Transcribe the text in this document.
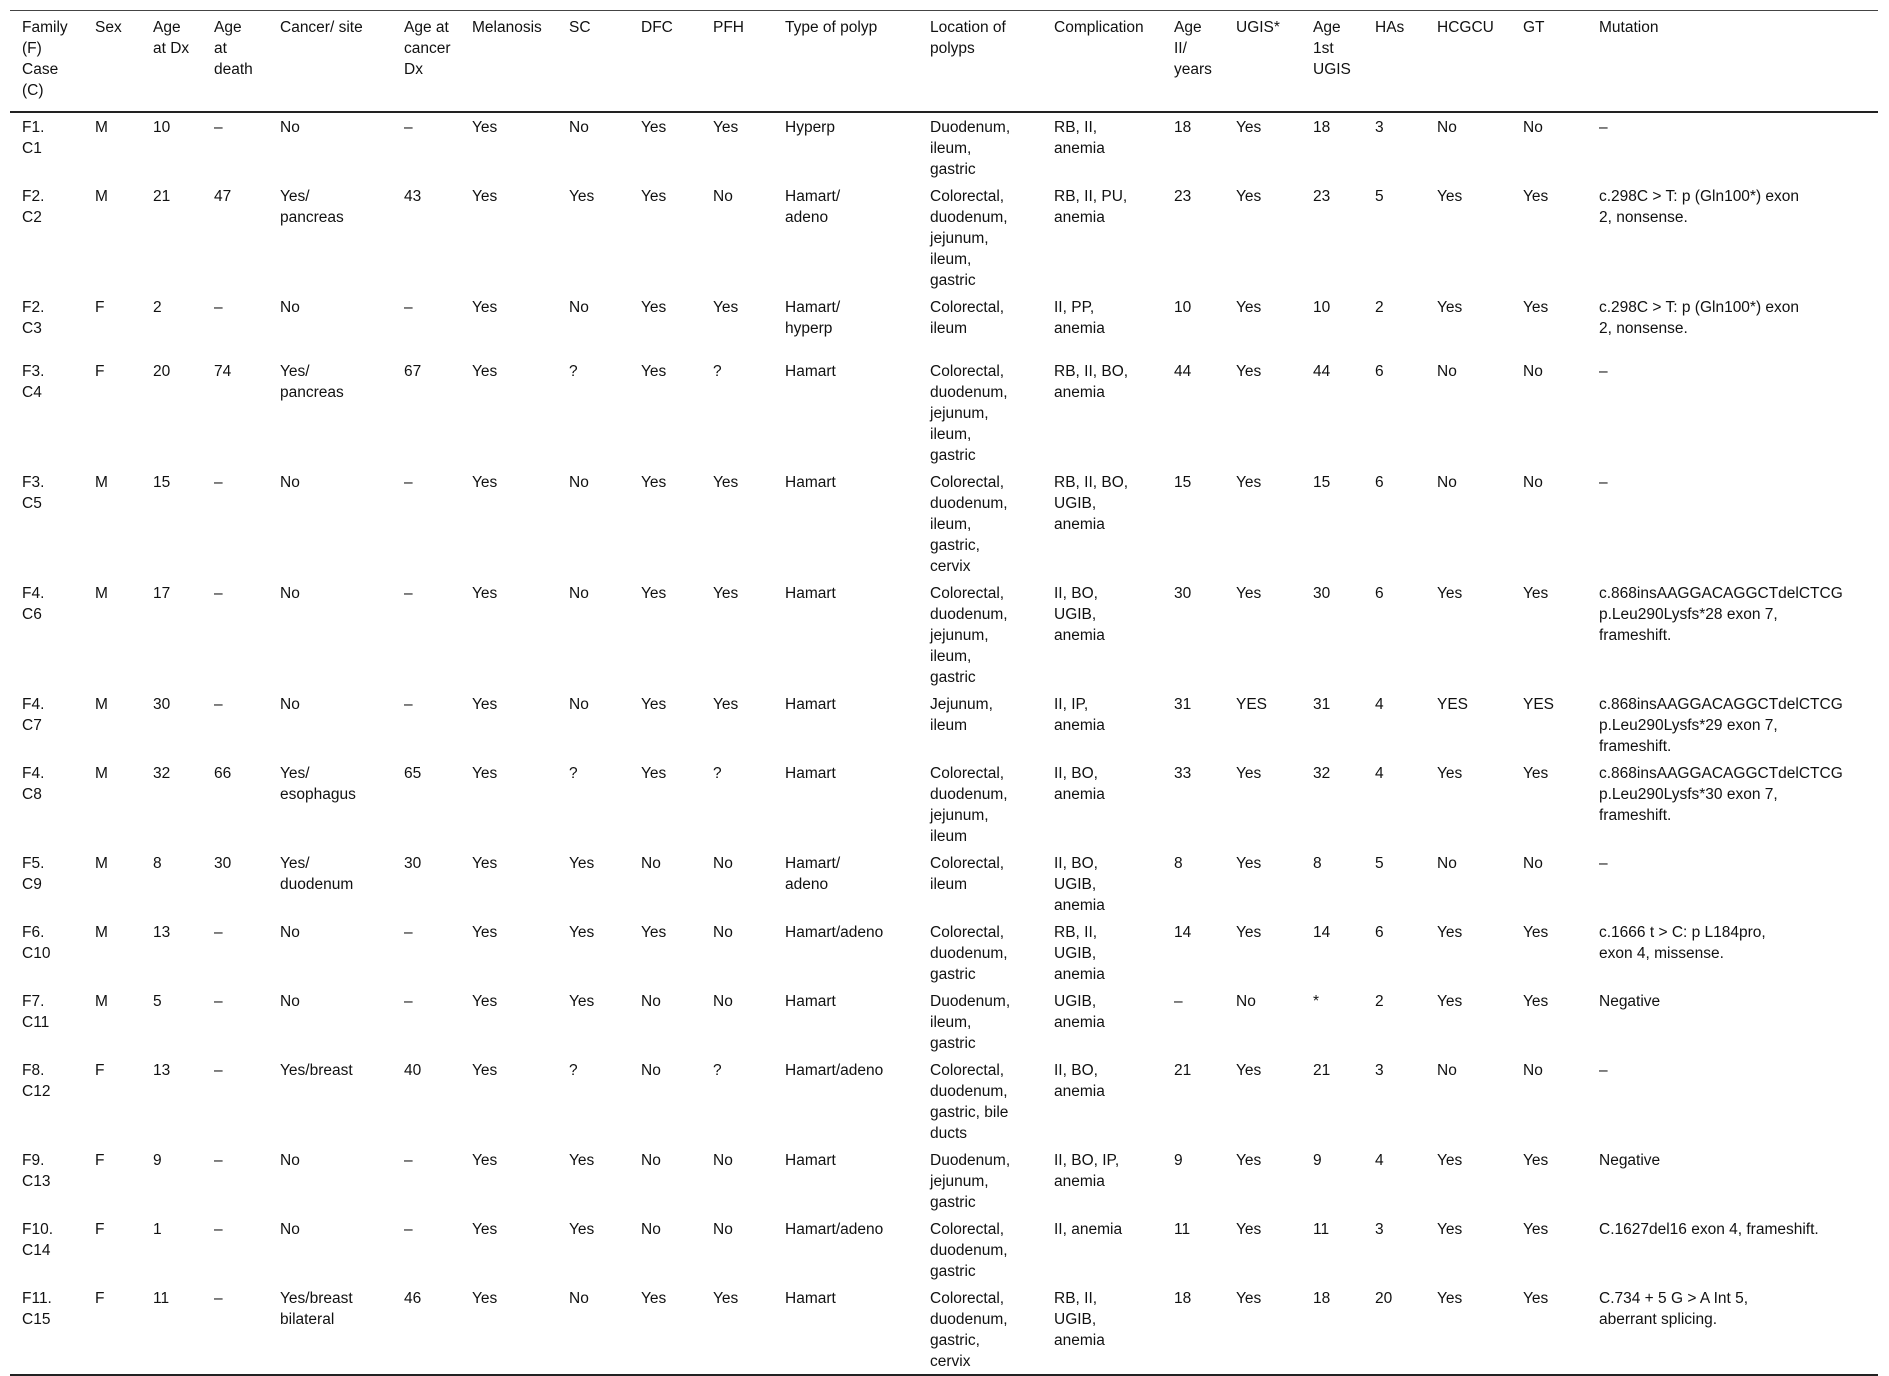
Family
(F)
Case
(C)	Sex	Age
at Dx	Age
at
death	Cancer/ site	Age at
cancer
Dx	Melanosis	SC	DFC	PFH	Type of polyp	Location of
polyps	Complication	Age
II/
years	UGIS*	Age
1st
UGIS	HAs	HCGCU	GT	Mutation
F1.
C1	M	10	–	No	–	Yes	No	Yes	Yes	Hyperp	Duodenum,
ileum,
gastric	RB, II,
anemia	18	Yes	18	3	No	No	–
F2.
C2	M	21	47	Yes/
pancreas	43	Yes	Yes	Yes	No	Hamart/
adeno	Colorectal,
duodenum,
jejunum,
ileum,
gastric	RB, II, PU,
anemia	23	Yes	23	5	Yes	Yes	c.298C > T: p (Gln100*) exon
2, nonsense.
F2.
C3	F	2	–	No	–	Yes	No	Yes	Yes	Hamart/
hyperp	Colorectal,
ileum	II, PP,
anemia	10	Yes	10	2	Yes	Yes	c.298C > T: p (Gln100*) exon
2, nonsense.
F3.
C4	F	20	74	Yes/
pancreas	67	Yes	?	Yes	?	Hamart	Colorectal,
duodenum,
jejunum,
ileum,
gastric	RB, II, BO,
anemia	44	Yes	44	6	No	No	–
F3.
C5	M	15	–	No	–	Yes	No	Yes	Yes	Hamart	Colorectal,
duodenum,
ileum,
gastric,
cervix	RB, II, BO,
UGIB,
anemia	15	Yes	15	6	No	No	–
F4.
C6	M	17	–	No	–	Yes	No	Yes	Yes	Hamart	Colorectal,
duodenum,
jejunum,
ileum,
gastric	II, BO,
UGIB,
anemia	30	Yes	30	6	Yes	Yes	c.868insAAGGACAGGCTdelCTCG
p.Leu290Lysfs*28 exon 7,
frameshift.
F4.
C7	M	30	–	No	–	Yes	No	Yes	Yes	Hamart	Jejunum,
ileum	II, IP,
anemia	31	YES	31	4	YES	YES	c.868insAAGGACAGGCTdelCTCG
p.Leu290Lysfs*29 exon 7,
frameshift.
F4.
C8	M	32	66	Yes/
esophagus	65	Yes	?	Yes	?	Hamart	Colorectal,
duodenum,
jejunum,
ileum	II, BO,
anemia	33	Yes	32	4	Yes	Yes	c.868insAAGGACAGGCTdelCTCG
p.Leu290Lysfs*30 exon 7,
frameshift.
F5.
C9	M	8	30	Yes/
duodenum	30	Yes	Yes	No	No	Hamart/
adeno	Colorectal,
ileum	II, BO,
UGIB,
anemia	8	Yes	8	5	No	No	–
F6.
C10	M	13	–	No	–	Yes	Yes	Yes	No	Hamart/adeno	Colorectal,
duodenum,
gastric	RB, II,
UGIB,
anemia	14	Yes	14	6	Yes	Yes	c.1666 t > C: p L184pro,
exon 4, missense.
F7.
C11	M	5	–	No	–	Yes	Yes	No	No	Hamart	Duodenum,
ileum,
gastric	UGIB,
anemia	–	No	*	2	Yes	Yes	Negative
F8.
C12	F	13	–	Yes/breast	40	Yes	?	No	?	Hamart/adeno	Colorectal,
duodenum,
gastric, bile
ducts	II, BO,
anemia	21	Yes	21	3	No	No	–
F9.
C13	F	9	–	No	–	Yes	Yes	No	No	Hamart	Duodenum,
jejunum,
gastric	II, BO, IP,
anemia	9	Yes	9	4	Yes	Yes	Negative
F10.
C14	F	1	–	No	–	Yes	Yes	No	No	Hamart/adeno	Colorectal,
duodenum,
gastric	II, anemia	11	Yes	11	3	Yes	Yes	C.1627del16 exon 4, frameshift.
F11.
C15	F	11	–	Yes/breast
bilateral	46	Yes	No	Yes	Yes	Hamart	Colorectal,
duodenum,
gastric,
cervix	RB, II,
UGIB,
anemia	18	Yes	18	20	Yes	Yes	C.734 + 5 G > A Int 5,
aberrant splicing.
